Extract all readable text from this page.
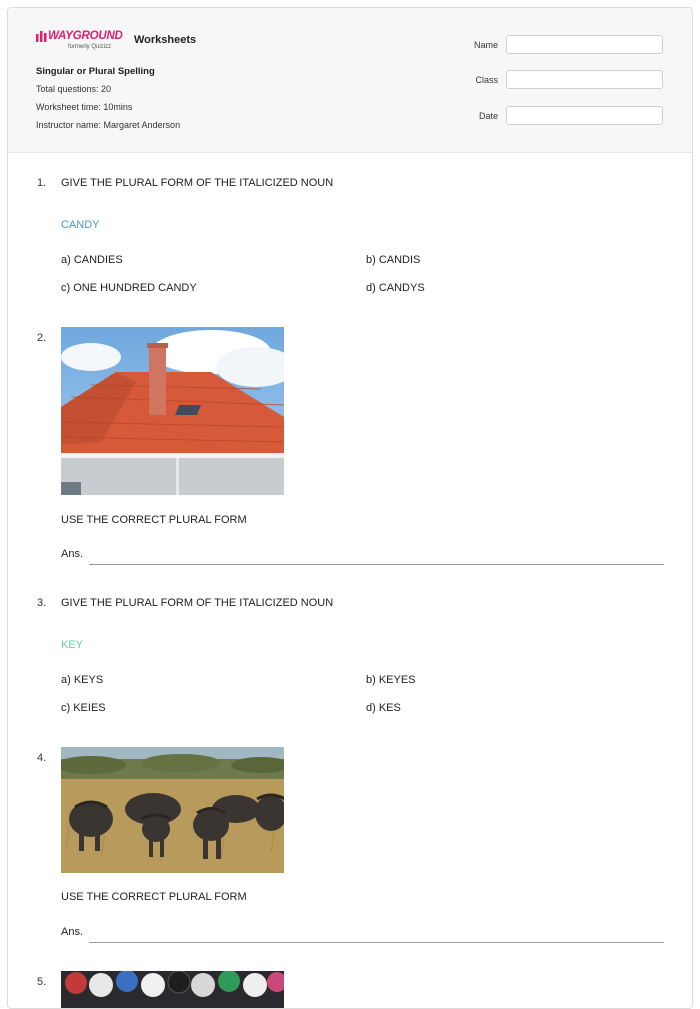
WAYGROUND
formerly Quizizz
Worksheets
Singular or Plural Spelling
Total questions: 20
Worksheet time: 10mins
Instructor name: Margaret Anderson
Name
Class
Date
1. GIVE THE PLURAL FORM OF THE ITALICIZED NOUN
CANDY
a) CANDIES	b) CANDIS
c) ONE HUNDRED CANDY	d) CANDYS
2.
USE THE CORRECT PLURAL FORM
Ans.
3. GIVE THE PLURAL FORM OF THE ITALICIZED NOUN
KEY
a) KEYS	b) KEYES
c) KEIES	d) KES
4.
USE THE CORRECT PLURAL FORM
Ans.
5.
